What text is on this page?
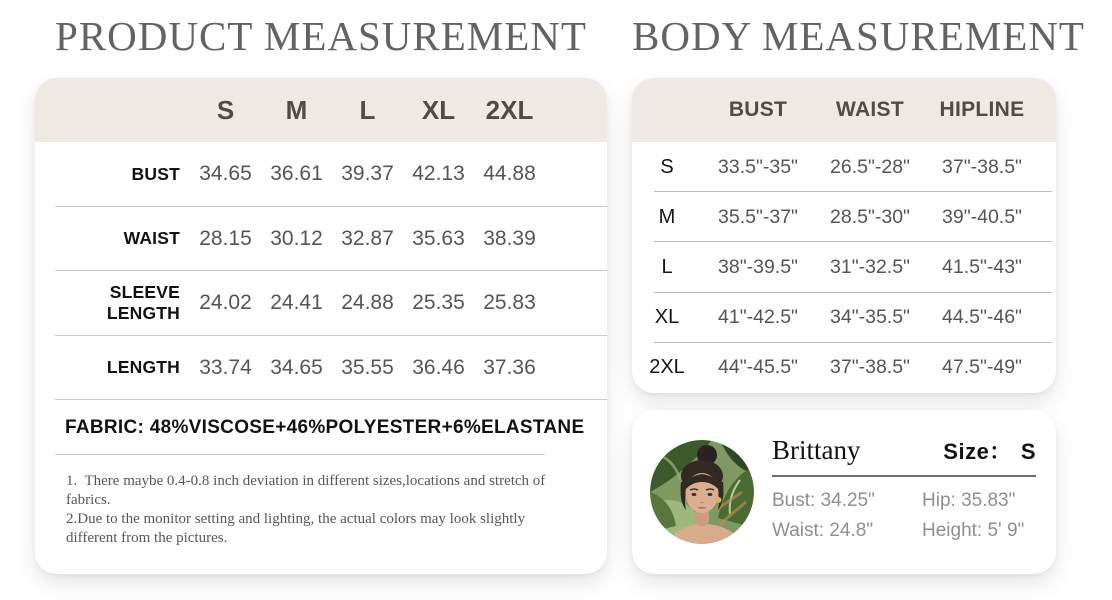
PRODUCT MEASUREMENT	BODY MEASUREMENT
S	M	L	XL	2XL
BUST 34.65 36.61 39.37 42.13 44.88
WAIST 28.15 30.12 32.87 35.63 38.39
SLEEVE LENGTH 24.02 24.41 24.88 25.35 25.83
LENGTH 33.74 34.65 35.55 36.46 37.36
FABRIC: 48%VISCOSE+46%POLYESTER+6%ELASTANE

1.  There maybe 0.4-0.8 inch deviation in different sizes,locations and stretch of fabrics.

2.Due to the monitor setting and lighting, the actual colors may look slightly different from the pictures.

BUST	WAIST	HIPLINE
S	33.5"-35"	26.5"-28"	37"-38.5"
M	35.5"-37"	28.5"-30"	39"-40.5"
L	38"-39.5"	31"-32.5"	41.5"-43"
XL	41"-42.5"	34"-35.5"	44.5"-46"
2XL	44"-45.5"	37"-38.5"	47.5"-49"
Brittany	Size： S
Bust: 34.25"	Hip: 35.83"
Waist: 24.8"	Height: 5' 9"
